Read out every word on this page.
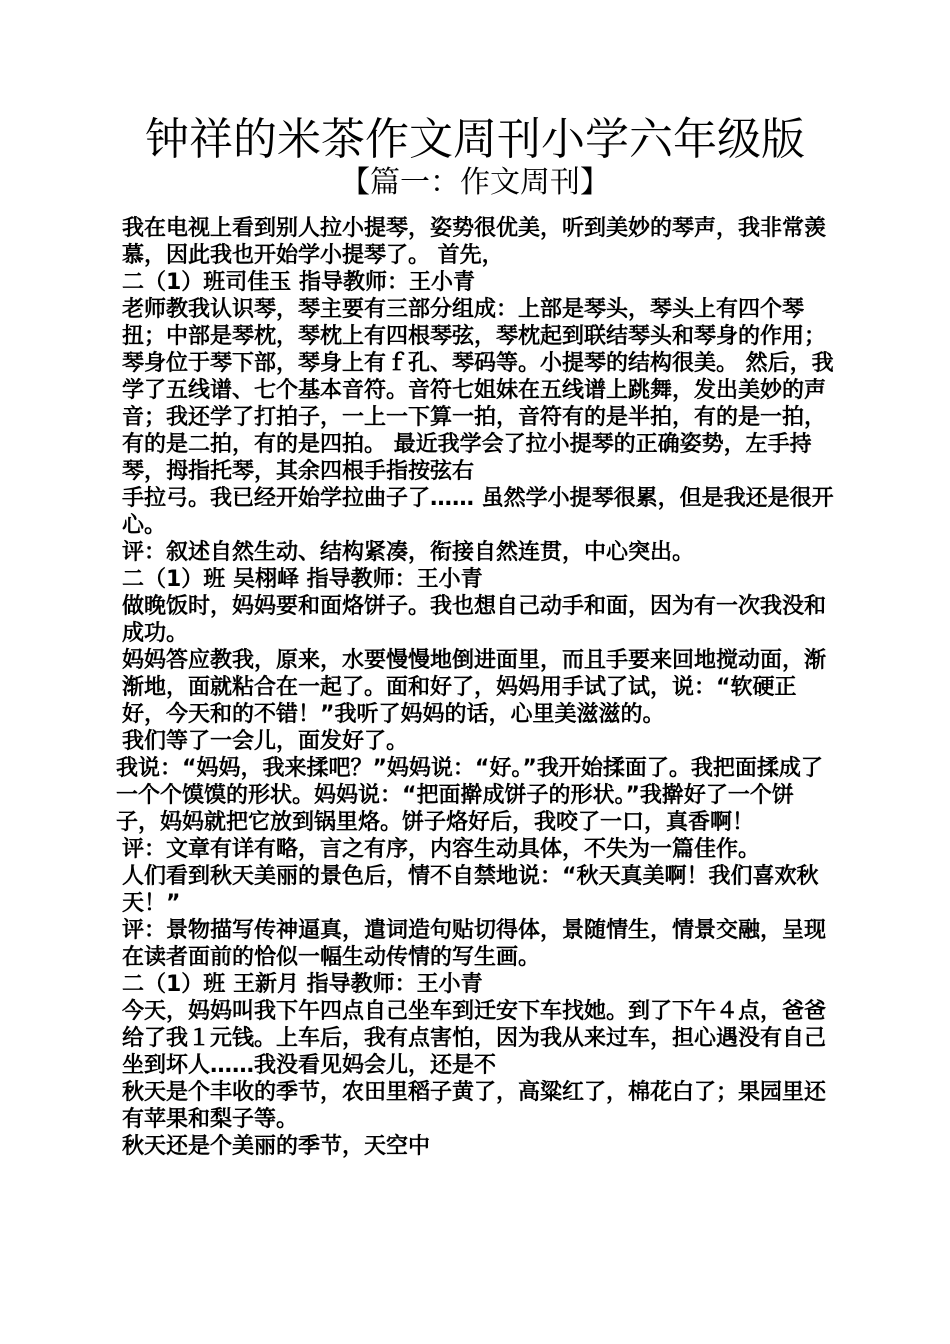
钟祥的米茶作文周刊小学六年级版
【篇一：作文周刊】

我在电视上看到别人拉小提琴，姿势很优美，听到美妙的琴声，我非常羡慕，因此我也开始学小提琴了。 首先，

二（1）班司佳玉 指导教师：王小青

老师教我认识琴，琴主要有三部分组成：上部是琴头，琴头上有四个琴扭；中部是琴枕，琴枕上有四根琴弦，琴枕起到联结琴头和琴身的作用；琴身位于琴下部，琴身上有ｆ孔、琴码等。小提琴的结构很美。 然后，我学了五线谱、七个基本音符。音符七姐妹在五线谱上跳舞，发出美妙的声音；我还学了打拍子，一上一下算一拍，音符有的是半拍，有的是一拍，有的是二拍，有的是四拍。 最近我学会了拉小提琴的正确姿势，左手持琴，拇指托琴，其余四根手指按弦右

手拉弓。我已经开始学拉曲子了…… 虽然学小提琴很累，但是我还是很开心。

评：叙述自然生动、结构紧凑，衔接自然连贯，中心突出。

二（1）班 吴栩峄 指导教师：王小青

做晚饭时，妈妈要和面烙饼子。我也想自己动手和面，因为有一次我没和成功。

妈妈答应教我，原来，水要慢慢地倒进面里，而且手要来回地搅动面，渐渐地，面就粘合在一起了。面和好了，妈妈用手试了试，说：“软硬正好，今天和的不错！”我听了妈妈的话，心里美滋滋的。

我们等了一会儿，面发好了。

我说：“妈妈，我来揉吧？”妈妈说：“好。”我开始揉面了。我把面揉成了一个个馍馍的形状。妈妈说：“把面擀成饼子的形状。”我擀好了一个饼子，妈妈就把它放到锅里烙。饼子烙好后，我咬了一口，真香啊！

评：文章有详有略，言之有序，内容生动具体，不失为一篇佳作。

人们看到秋天美丽的景色后，情不自禁地说：“秋天真美啊！我们喜欢秋天！”

评：景物描写传神逼真，遣词造句贴切得体，景随情生，情景交融，呈现在读者面前的恰似一幅生动传情的写生画。

二（1）班 王新月 指导教师：王小青

今天，妈妈叫我下午四点自己坐车到迁安下车找她。到了下午４点，爸爸给了我１元钱。上车后，我有点害怕，因为我从来过车，担心遇没有自己坐到坏人……我没看见妈会儿，还是不

秋天是个丰收的季节，农田里稻子黄了，高粱红了，棉花白了；果园里还有苹果和梨子等。

秋天还是个美丽的季节，天空中
